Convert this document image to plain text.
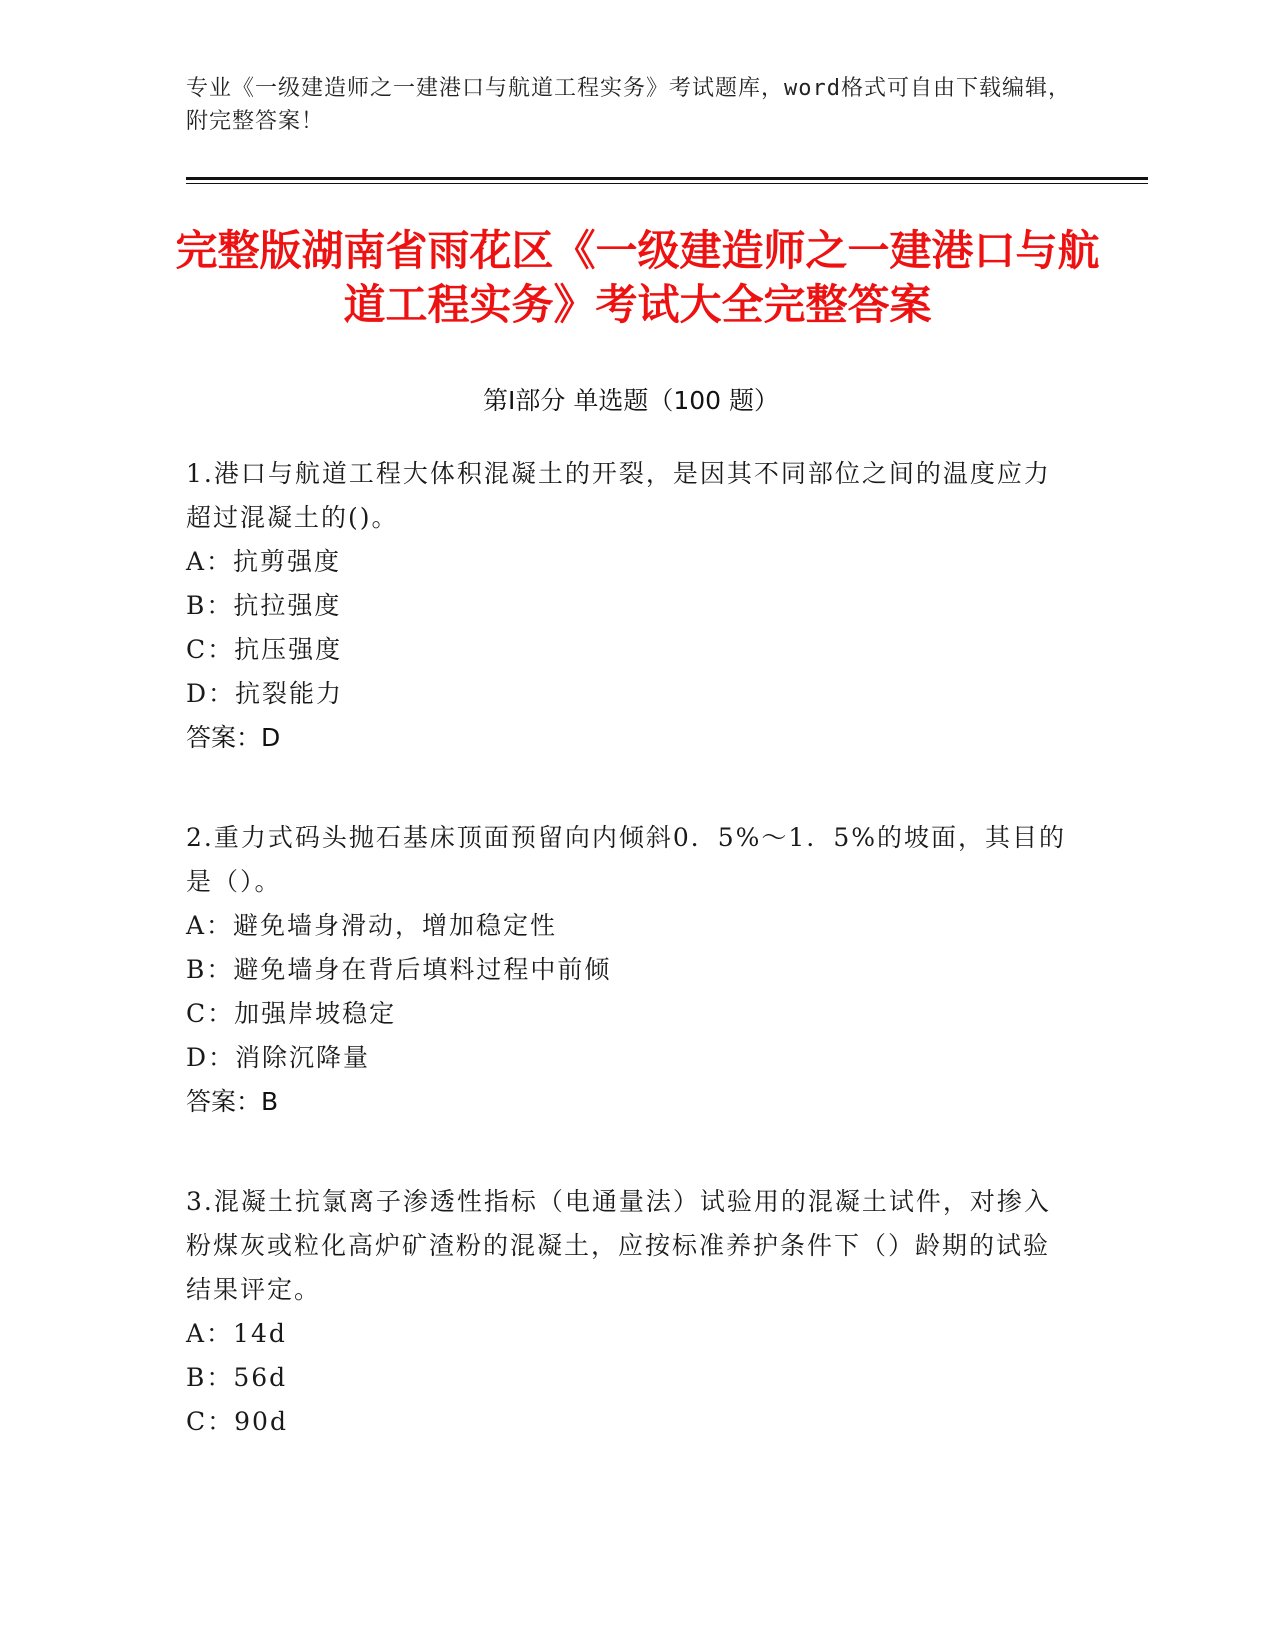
专业《一级建造师之一建港口与航道工程实务》考试题库，word格式可自由下载编辑，附完整答案！
完整版湖南省雨花区《一级建造师之一建港口与航道工程实务》考试大全完整答案
第Ⅰ部分 单选题（100 题）
1.港口与航道工程大体积混凝土的开裂，是因其不同部位之间的温度应力超过混凝土的()。
A：抗剪强度
B：抗拉强度
C：抗压强度
D：抗裂能力
答案：D
2.重力式码头抛石基床顶面预留向内倾斜0．5%～1．5%的坡面，其目的是（）。
A：避免墙身滑动，增加稳定性
B：避免墙身在背后填料过程中前倾
C：加强岸坡稳定
D：消除沉降量
答案：B
3.混凝土抗氯离子渗透性指标（电通量法）试验用的混凝土试件，对掺入粉煤灰或粒化高炉矿渣粉的混凝土，应按标准养护条件下（）龄期的试验结果评定。
A：14d
B：56d
C：90d
